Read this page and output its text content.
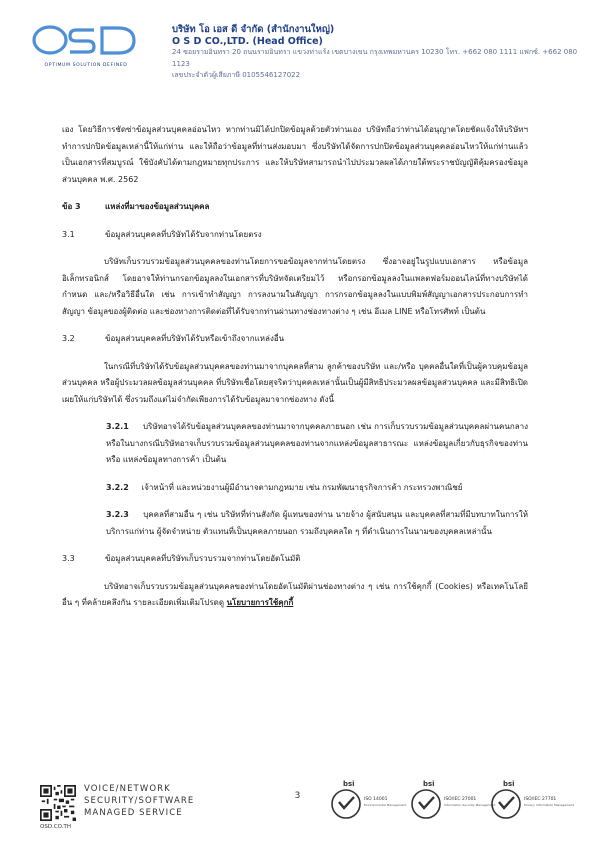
OPTIMUM SOLUTION DEFINED
บริษัท โอ เอส ดี จำกัด (สำนักงานใหญ่)
O S D CO.,LTD. (Head Office)
24 ซอยรามอินทรา 20 ถนนรามอินทรา แขวงท่าแร้ง เขตบางเขน กรุงเทพมหานคร 10230 โทร. +662 080 1111 แฟกซ์. +662 080 1123
เลขประจำตัวผู้เสียภาษี 0105546127022

เอง โดยวิธีการชัดซ่าข้อมูลส่วนบุคคลอ่อนไหว หากท่านมิได้ปกปิดข้อมูลด้วยตัวท่านเอง บริษัทถือว่าท่านได้อนุญาตโดยชัดแจ้งให้บริษัทฯทำการปกปิดข้อมูลเหล่านี้ให้แก่ท่าน และให้ถือว่าข้อมูลที่ท่านส่งมอบมา ซึ่งบริษัทได้จัดการปกปิดข้อมูลส่วนบุคคลอ่อนไหวให้แก่ท่านแล้วเป็นเอกสารที่สมบูรณ์ ใช้บังคับได้ตามกฎหมายทุกประการ และให้บริษัทสามารถนำไปประมวลผลได้ภายใต้พระราชบัญญัติคุ้มครองข้อมูลส่วนบุคคล พ.ศ. 2562

ข้อ 3	แหล่งที่มาของข้อมูลส่วนบุคคล
3.1	ข้อมูลส่วนบุคคลที่บริษัทได้รับจากท่านโดยตรง

บริษัทเก็บรวบรวมข้อมูลส่วนบุคคลของท่านโดยการขอข้อมูลจากท่านโดยตรง ซึ่งอาจอยู่ในรูปแบบเอกสาร หรือข้อมูลอิเล็กทรอนิกส์ โดยอาจให้ท่านกรอกข้อมูลลงในเอกสารที่บริษัทจัดเตรียมไว้ หรือกรอกข้อมูลลงในแพลตฟอร์มออนไลน์ที่ทางบริษัทได้กำหนด และ/หรือวิธีอื่นใด เช่น การเข้าทำสัญญา การลงนามในสัญญา การกรอกข้อมูลลงในแบบพิมพ์สัญญาเอกสารประกอบการทำสัญญา ข้อมูลของผู้ติดต่อ และช่องทางการติดต่อที่ได้รับจากท่านผ่านทางช่องทางต่าง ๆ เช่น อีเมล LINE หรือโทรศัพท์ เป็นต้น

3.2	ข้อมูลส่วนบุคคลที่บริษัทได้รับหรือเข้าถึงจากแหล่งอื่น

ในกรณีที่บริษัทได้รับข้อมูลส่วนบุคคลของท่านมาจากบุคคลที่สาม ลูกค้าของบริษัท และ/หรือ บุคคลอื่นใดที่เป็นผู้ควบคุมข้อมูลส่วนบุคคล หรือผู้ประมวลผลข้อมูลส่วนบุคคล ที่บริษัทเชื่อโดยสุจริตว่าบุคคลเหล่านั้นเป็นผู้มีสิทธิประมวลผลข้อมูลส่วนบุคคล และมีสิทธิเปิดเผยให้แก่บริษัทได้ ซึ่งรวมถึงแต่ไม่จำกัดเพียงการได้รับข้อมูลมาจากช่องทาง ดังนี้

3.2.1 บริษัทอาจได้รับข้อมูลส่วนบุคคลของท่านมาจากบุคคลภายนอก เช่น การเก็บรวบรวมข้อมูลส่วนบุคคลผ่านคนกลาง หรือในบางกรณีบริษัทอาจเก็บรวบรวมข้อมูลส่วนบุคคลของท่านจากแหล่งข้อมูลสาธารณะ แหล่งข้อมูลเกี่ยวกับธุรกิจของท่าน หรือ แหล่งข้อมูลทางการค้า เป็นต้น

3.2.2 เจ้าหน้าที่ และหน่วยงานผู้มีอำนาจตามกฎหมาย เช่น กรมพัฒนาธุรกิจการค้า กระทรวงพาณิชย์

3.2.3 บุคคลที่สามอื่น ๆ เช่น บริษัทที่ท่านสังกัด ผู้แทนของท่าน นายจ้าง ผู้สนับสนุน และบุคคลที่สามที่มีบทบาทในการให้บริการแก่ท่าน ผู้จัดจำหน่าย ตัวแทนที่เป็นบุคคลภายนอก รวมถึงบุคคลใด ๆ ที่ดำเนินการในนามของบุคคลเหล่านั้น

3.3	ข้อมูลส่วนบุคคลที่บริษัทเก็บรวบรวมจากท่านโดยอัตโนมัติ

บริษัทอาจเก็บรวบรวมข้อมูลส่วนบุคคลของท่านโดยอัตโนมัติผ่านช่องทางต่าง ๆ เช่น การใช้คุกกี้ (Cookies) หรือเทคโนโลยีอื่น ๆ ที่คล้ายคลึงกัน รายละเอียดเพิ่มเติมโปรดดู นโยบายการใช้คุกกี้

3
OSD.CO.TH
VOICE/NETWORK
SECURITY/SOFTWARE
MANAGED SERVICE
bsi
ISO 14001
Environmental Management
bsi
ISO/IEC 27001
Information Security Management
bsi
ISO/IEC 27701
Privacy Information Management
